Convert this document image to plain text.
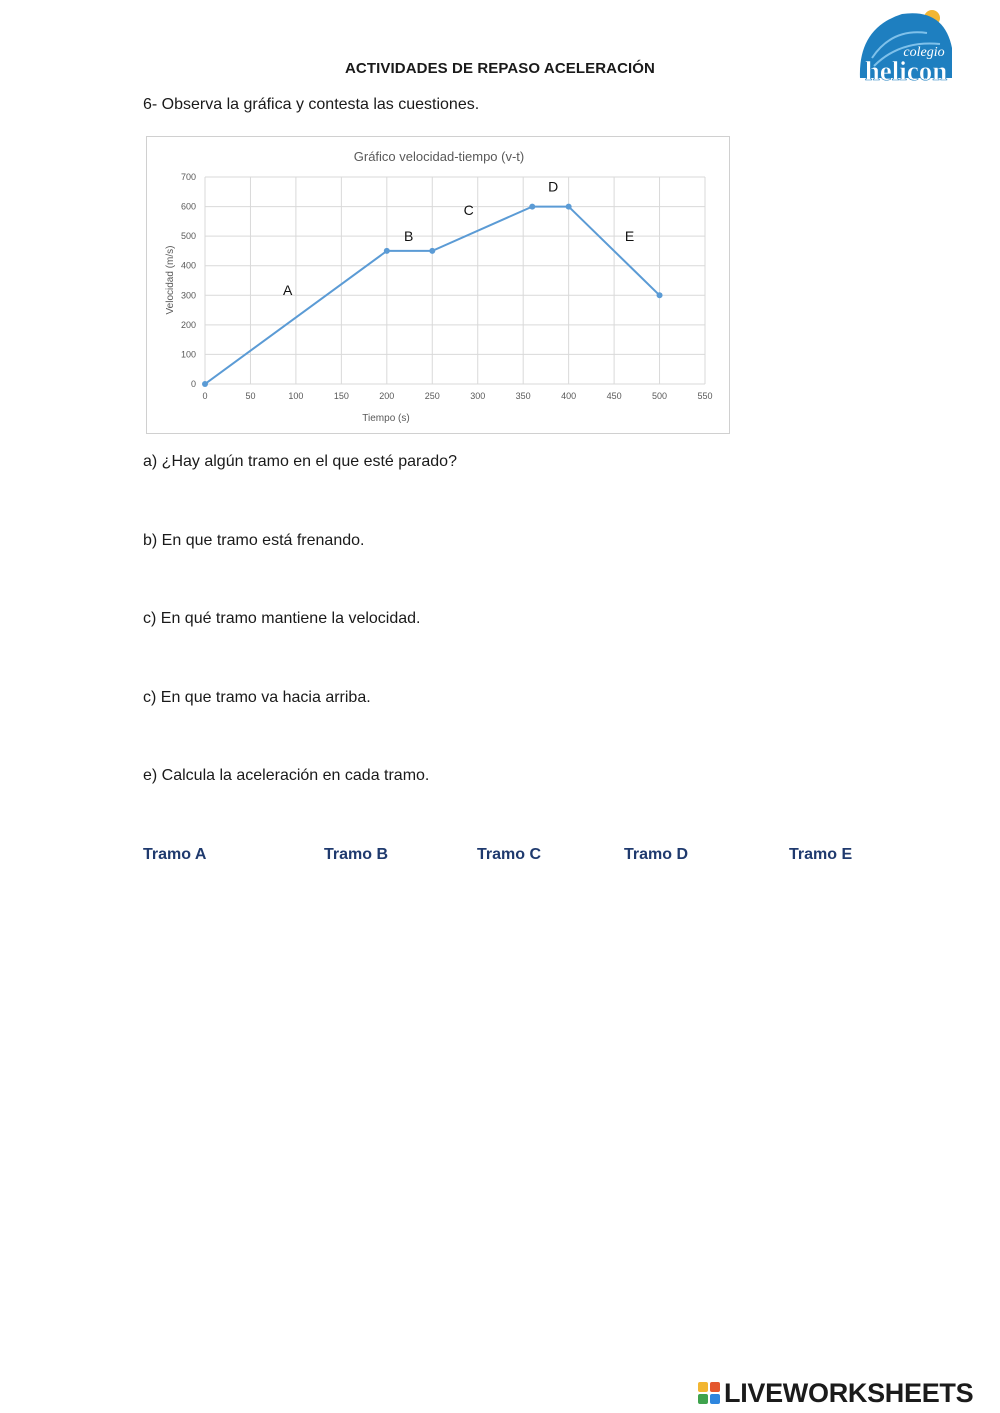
colegio
helicon
ACTIVIDADES DE REPASO ACELERACIÓN
6- Observa la gráfica y contesta las cuestiones.
Gráfico velocidad-tiempo (v-t)
0	50	100	150	200	250	300	350	400	450	500	550
0
100
200
300
400
500
600
700
A
B
C
D
E
Tiempo (s)
Velocidad (m/s)
a) ¿Hay algún tramo en el que esté parado?
b) En que tramo está frenando.
c) En qué tramo mantiene la velocidad.
c) En que tramo va hacia arriba.
e) Calcula la aceleración en cada tramo.
Tramo A	Tramo B	Tramo C	Tramo D	Tramo E
LIVEWORKSHEETS
